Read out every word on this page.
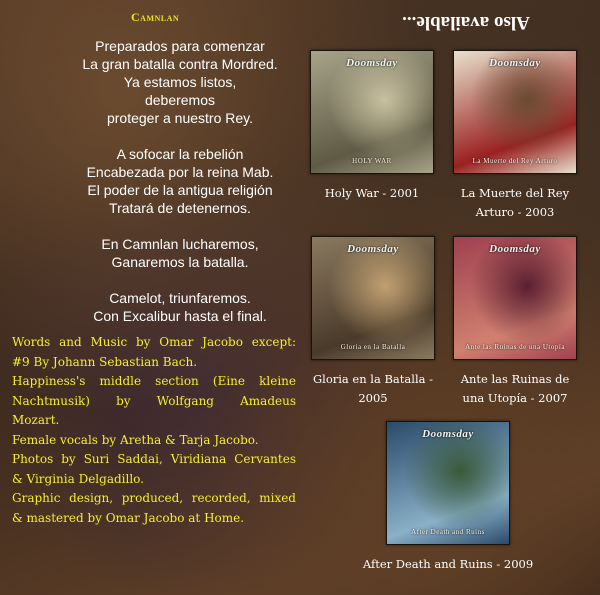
Camnlan
Preparados para comenzar
La gran batalla contra Mordred.
Ya estamos listos,
deberemos
proteger a nuestro Rey.
A sofocar la rebelión
Encabezada por la reina Mab.
El poder de la antigua religión
Tratará de detenernos.
En Camnlan lucharemos,
Ganaremos la batalla.
Camelot, triunfaremos.
Con Excalibur hasta el final.

Words and Music by Omar Jacobo except:
#9 By Johann Sebastian Bach.

Happiness's middle section (Eine kleine
Nachtmusik) by Wolfgang Amadeus
Mozart.

Female vocals by Aretha & Tarja Jacobo.

Photos by Suri Saddai, Viridiana Cervantes
& Virginia Delgadillo.

Graphic design, produced, recorded, mixed
& mastered by Omar Jacobo at Home.

Also available...
Doomsday
HOLY WAR
Holy War - 2001
Doomsday
La Muerte del Rey Arturo
La Muerte del Rey
Arturo - 2003
Doomsday
Gloria en la Batalla
Gloria en la Batalla -
2005
Doomsday
Ante las Ruinas de una Utopía
Ante las Ruinas de
una Utopía - 2007
Doomsday
After Death and Ruins
After Death and Ruins - 2009
